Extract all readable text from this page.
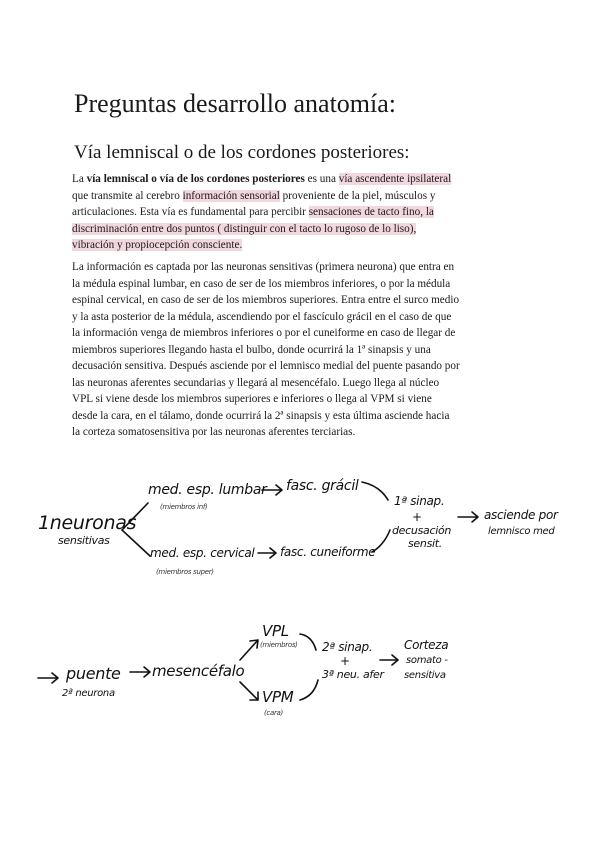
Preguntas desarrollo anatomía:
Vía lemniscal o de los cordones posteriores:
La vía lemniscal o vía de los cordones posteriores es una vía ascendente ipsilateral
que transmite al cerebro información sensorial proveniente de la piel, músculos y
articulaciones. Esta vía es fundamental para percibir sensaciones de tacto fino, la
discriminación entre dos puntos ( distinguir con el tacto lo rugoso de lo liso),
vibración y propiocepción consciente.
La información es captada por las neuronas sensitivas (primera neurona) que entra en
la médula espinal lumbar, en caso de ser de los miembros inferiores, o por la médula
espinal cervical, en caso de ser de los miembros superiores. Entra entre el surco medio
y la asta posterior de la médula, ascendiendo por el fascículo grácil en el caso de que
la información venga de miembros inferiores o por el cuneiforme en caso de llegar de
miembros superiores llegando hasta el bulbo, donde ocurrirá la 1ª sinapsis y una
decusación sensitiva. Después asciende por el lemnisco medial del puente pasando por
las neuronas aferentes secundarias y llegará al mesencéfalo. Luego llega al núcleo
VPL si viene desde los miembros superiores e inferiores o llega al VPM si viene
desde la cara, en el tálamo, donde ocurrirá la 2ª sinapsis y esta última asciende hacia
la corteza somatosensitiva por las neuronas aferentes terciarias.
1neuronas
sensitivas
med. esp. lumbar
(miembros inf)
fasc. grácil
med. esp. cervical
(miembros super)
fasc. cuneiforme
1ª sinap.
+
decusación
sensit.
asciende por
lemnisco med
puente
2ª neurona
mesencéfalo
VPL
(miembros)
VPM
(cara)
2ª sinap.
+
3ª neu. afer
Corteza
somato -
sensitiva
